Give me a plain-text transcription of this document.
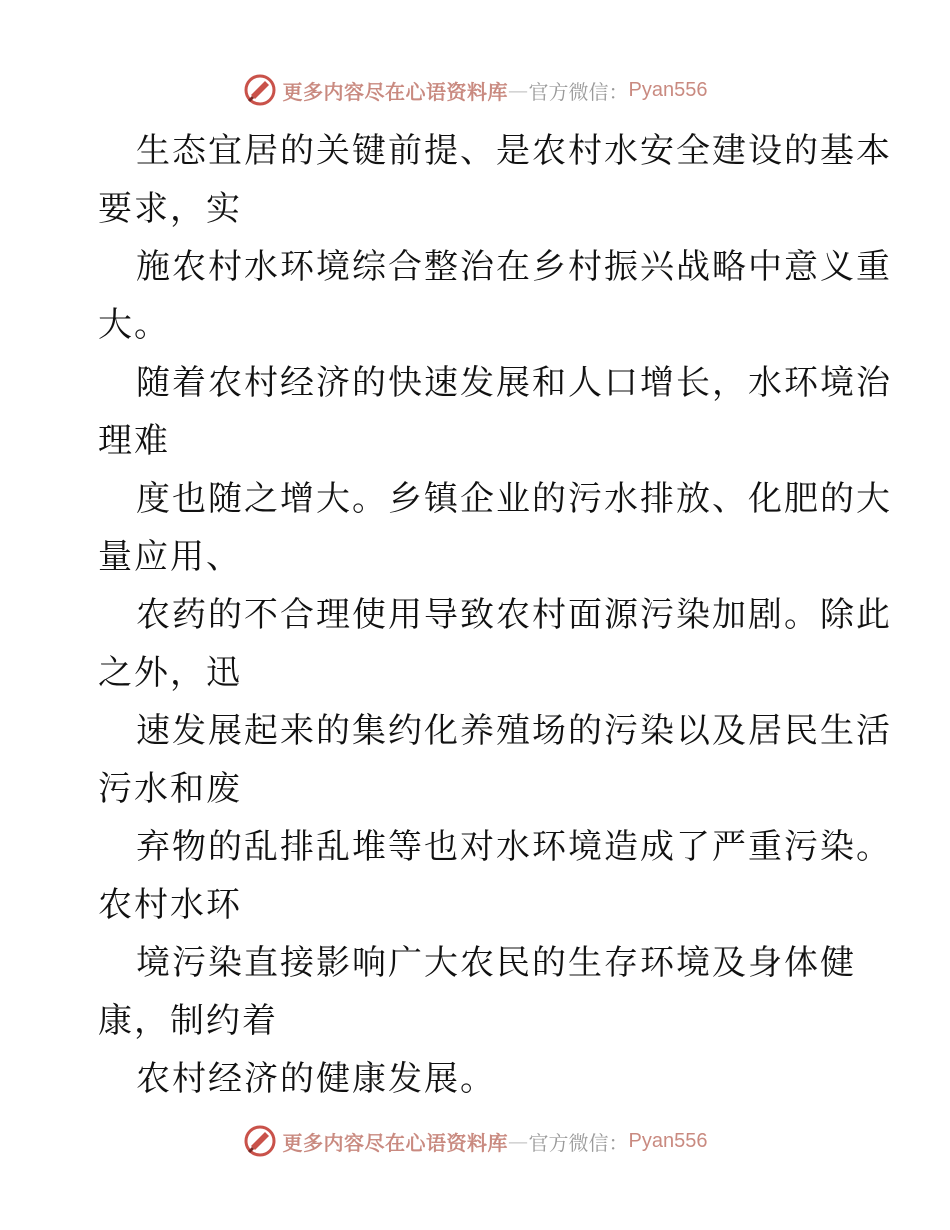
更多内容尽在心语资料库 — 官方微信： Pyan556

生态宜居的关键前提、是农村水安全建设的基本
要求，实

施农村水环境综合整治在乡村振兴战略中意义重
大。

随着农村经济的快速发展和人口增长，水环境治
理难

度也随之增大。乡镇企业的污水排放、化肥的大
量应用、

农药的不合理使用导致农村面源污染加剧。除此
之外，迅

速发展起来的集约化养殖场的污染以及居民生活
污水和废

弃物的乱排乱堆等也对水环境造成了严重污染。
农村水环

境污染直接影响广大农民的生存环境及身体健
康，制约着

农村经济的健康发展。

更多内容尽在心语资料库 — 官方微信： Pyan556
